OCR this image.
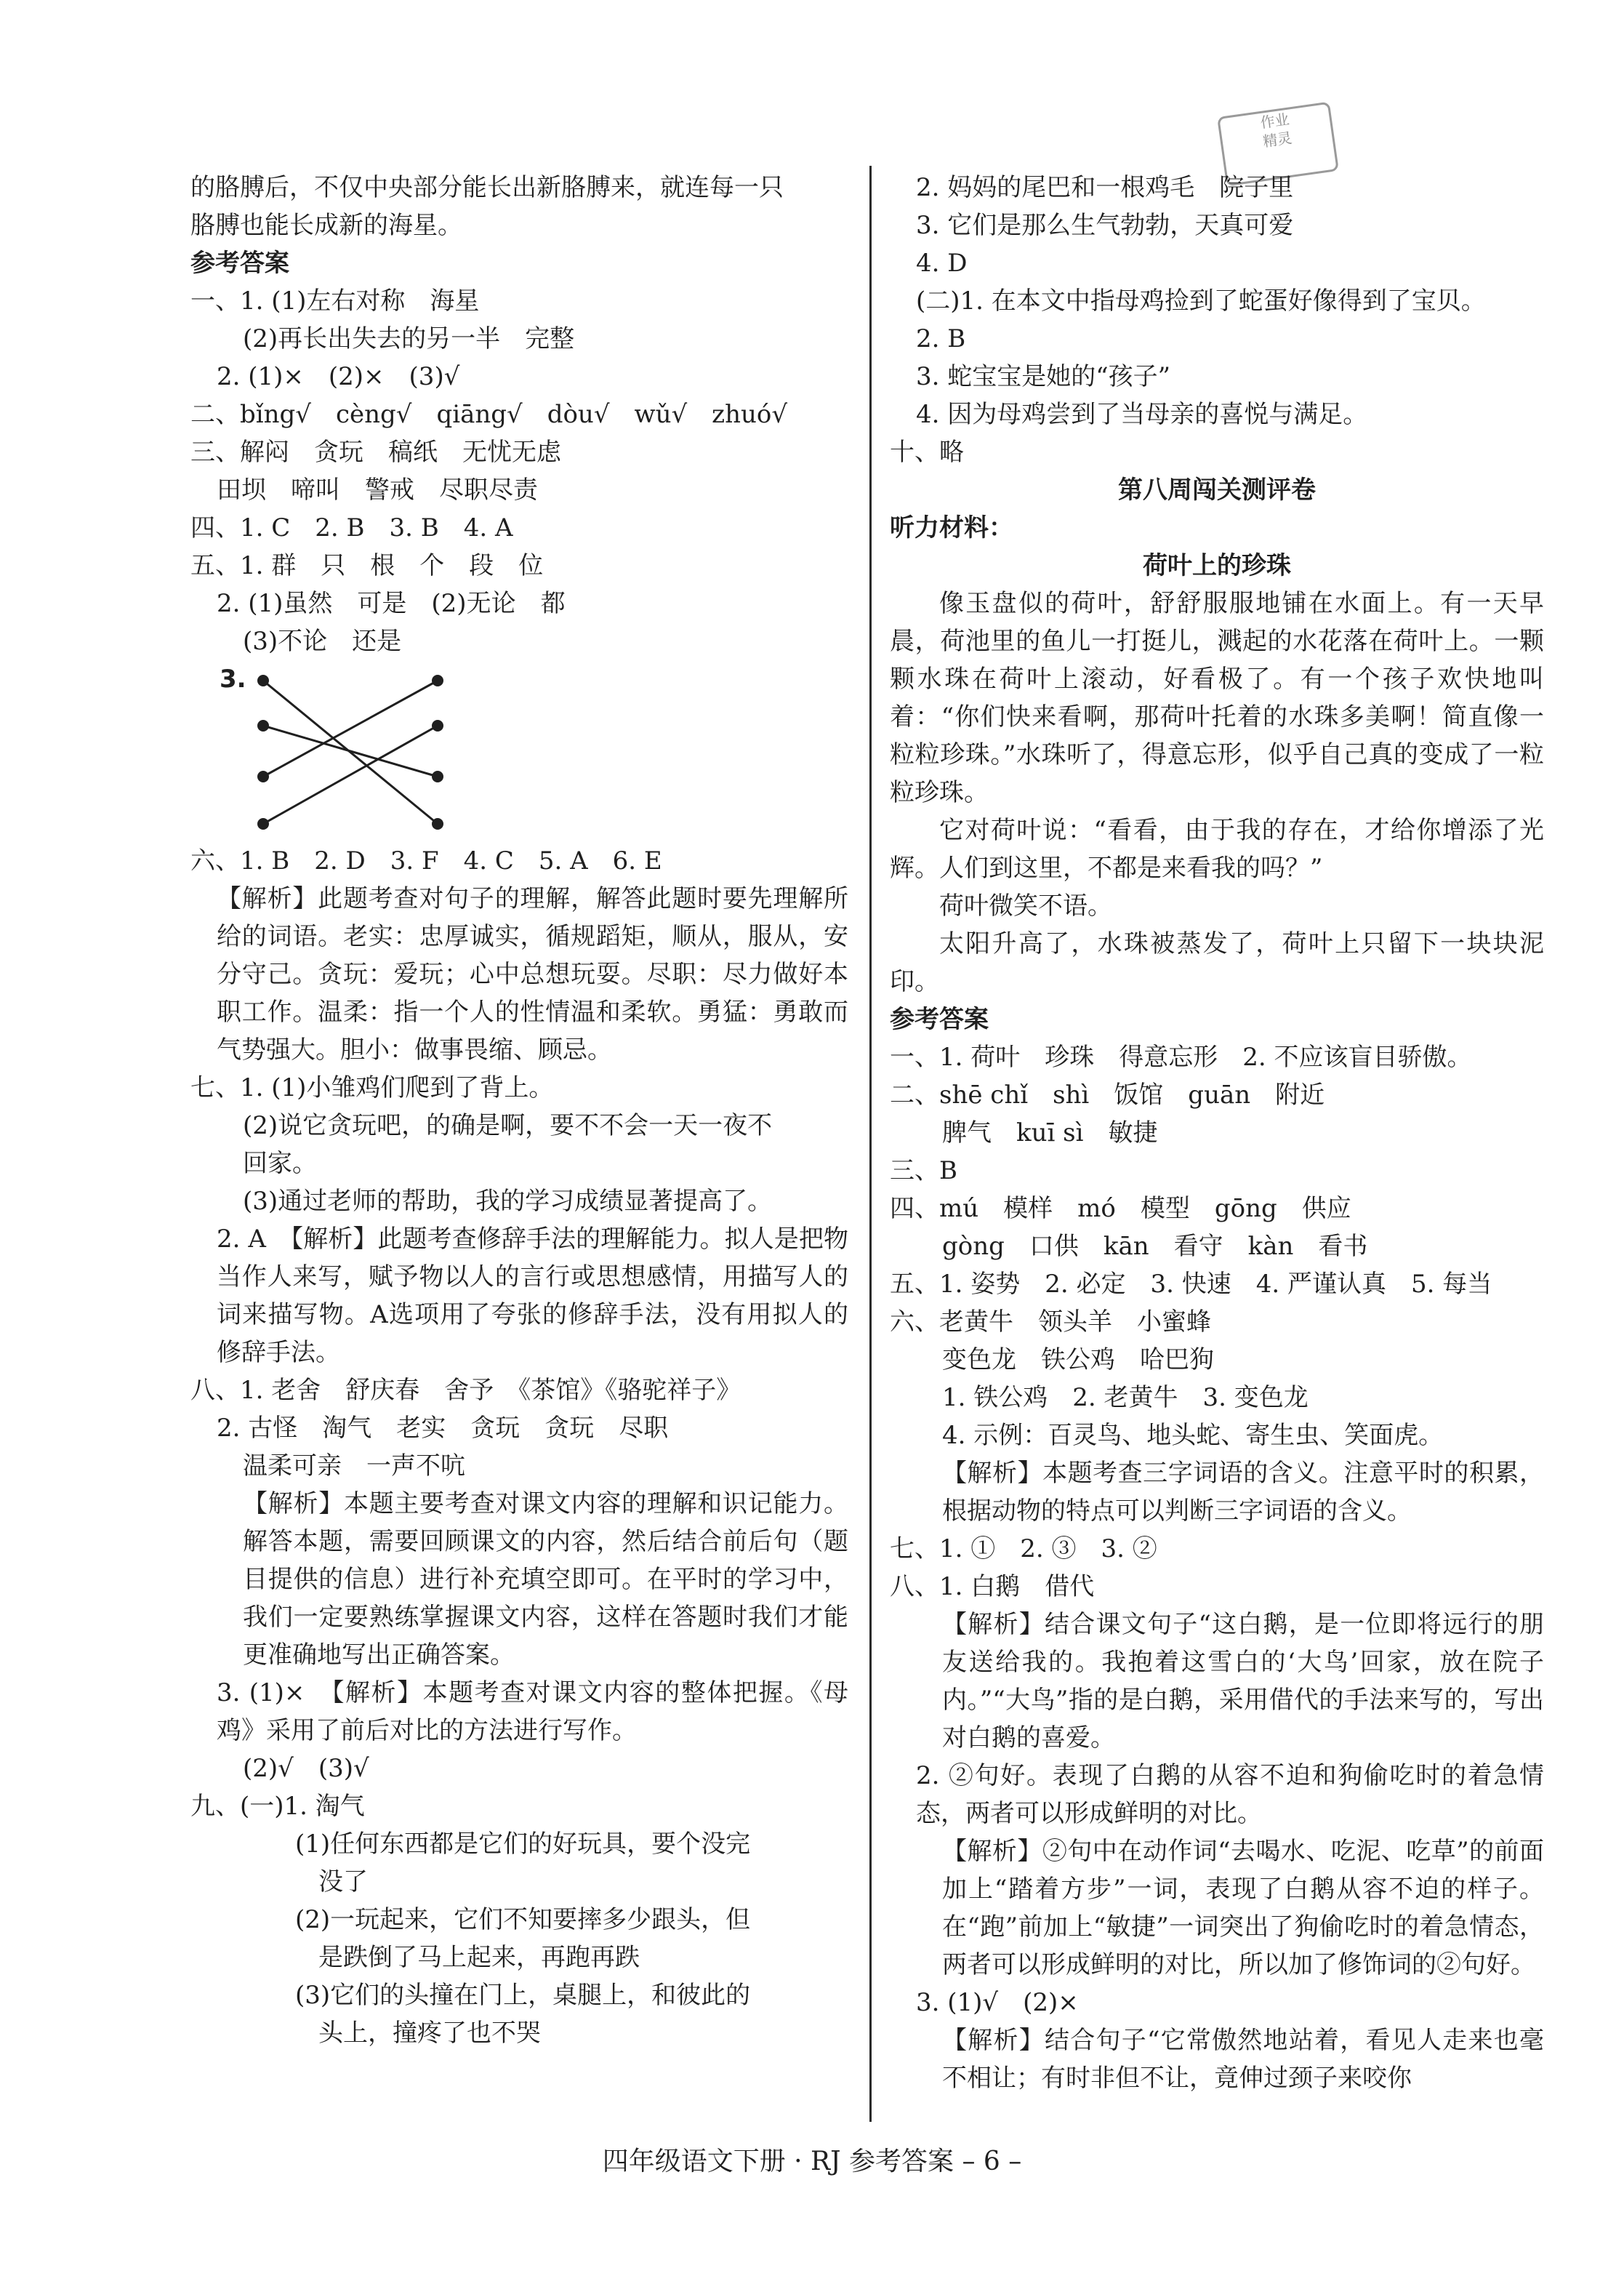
作业
精灵
的胳膊后，不仅中央部分能长出新胳膊来，就连每一只
胳膊也能长成新的海星。
参考答案
一、1. (1)左右对称　海星
(2)再长出失去的另一半　完整
2. (1)×　(2)×　(3)√
二、bǐng√　cèng√　qiāng√　dòu√　wǔ√　zhuó√
三、解闷　贪玩　稿纸　无忧无虑
田坝　啼叫　警戒　尽职尽责
四、1. C　2. B　3. B　4. A
五、1. 群　只　根　个　段　位
2. (1)虽然　可是　(2)无论　都
(3)不论　还是
3.
六、1. B　2. D　3. F　4. C　5. A　6. E
【解析】此题考查对句子的理解，解答此题时要先理解所给的词语。老实：忠厚诚实，循规蹈矩，顺从，服从，安分守己。贪玩：爱玩；心中总想玩耍。尽职：尽力做好本职工作。温柔：指一个人的性情温和柔软。勇猛：勇敢而气势强大。胆小：做事畏缩、顾忌。
七、1. (1)小雏鸡们爬到了背上。
(2)说它贪玩吧，的确是啊，要不不会一天一夜不
回家。
(3)通过老师的帮助，我的学习成绩显著提高了。
2. A　【解析】此题考查修辞手法的理解能力。拟人是把物当作人来写，赋予物以人的言行或思想感情，用描写人的词来描写物。A选项用了夸张的修辞手法，没有用拟人的修辞手法。
八、1. 老舍　舒庆春　舍予　《茶馆》《骆驼祥子》
2. 古怪　淘气　老实　贪玩　贪玩　尽职
温柔可亲　一声不吭
【解析】本题主要考查对课文内容的理解和识记能力。解答本题，需要回顾课文的内容，然后结合前后句（题目提供的信息）进行补充填空即可。在平时的学习中，我们一定要熟练掌握课文内容，这样在答题时我们才能更准确地写出正确答案。
3. (1)×　【解析】本题考查对课文内容的整体把握。《母鸡》采用了前后对比的方法进行写作。
(2)√　(3)√
九、(一)1. 淘气
(1)任何东西都是它们的好玩具，要个没完
没了
(2)一玩起来，它们不知要摔多少跟头，但
是跌倒了马上起来，再跑再跌
(3)它们的头撞在门上，桌腿上，和彼此的
头上，撞疼了也不哭
2. 妈妈的尾巴和一根鸡毛　院子里
3. 它们是那么生气勃勃，天真可爱
4. D
(二)1. 在本文中指母鸡捡到了蛇蛋好像得到了宝贝。
2. B
3. 蛇宝宝是她的“孩子”
4. 因为母鸡尝到了当母亲的喜悦与满足。
十、略
第八周闯关测评卷
听力材料：
荷叶上的珍珠
像玉盘似的荷叶，舒舒服服地铺在水面上。有一天早晨，荷池里的鱼儿一打挺儿，溅起的水花落在荷叶上。一颗颗水珠在荷叶上滚动，好看极了。有一个孩子欢快地叫着：“你们快来看啊，那荷叶托着的水珠多美啊！简直像一粒粒珍珠。”水珠听了，得意忘形，似乎自己真的变成了一粒粒珍珠。
它对荷叶说：“看看，由于我的存在，才给你增添了光辉。人们到这里，不都是来看我的吗？”
荷叶微笑不语。
太阳升高了，水珠被蒸发了，荷叶上只留下一块块泥印。
参考答案
一、1. 荷叶　珍珠　得意忘形　2. 不应该盲目骄傲。
二、shē chǐ　shì　饭馆　guān　附近
脾气　kuī sì　敏捷
三、B
四、mú　模样　mó　模型　gōng　供应
gòng　口供　kān　看守　kàn　看书
五、1. 姿势　2. 必定　3. 快速　4. 严谨认真　5. 每当
六、老黄牛　领头羊　小蜜蜂
变色龙　铁公鸡　哈巴狗
1. 铁公鸡　2. 老黄牛　3. 变色龙
4. 示例：百灵鸟、地头蛇、寄生虫、笑面虎。
【解析】本题考查三字词语的含义。注意平时的积累，根据动物的特点可以判断三字词语的含义。
七、1. ①　2. ③　3. ②
八、1. 白鹅　借代
【解析】结合课文句子“这白鹅，是一位即将远行的朋友送给我的。我抱着这雪白的‘大鸟’回家，放在院子内。”“大鸟”指的是白鹅，采用借代的手法来写的，写出对白鹅的喜爱。
2. ②句好。表现了白鹅的从容不迫和狗偷吃时的着急情态，两者可以形成鲜明的对比。
【解析】②句中在动作词“去喝水、吃泥、吃草”的前面加上“踏着方步”一词，表现了白鹅从容不迫的样子。在“跑”前加上“敏捷”一词突出了狗偷吃时的着急情态，两者可以形成鲜明的对比，所以加了修饰词的②句好。
3. (1)√　(2)×
【解析】结合句子“它常傲然地站着，看见人走来也毫不相让；有时非但不让，竟伸过颈子来咬你
四年级语文下册 · RJ 参考答案 – 6 –
